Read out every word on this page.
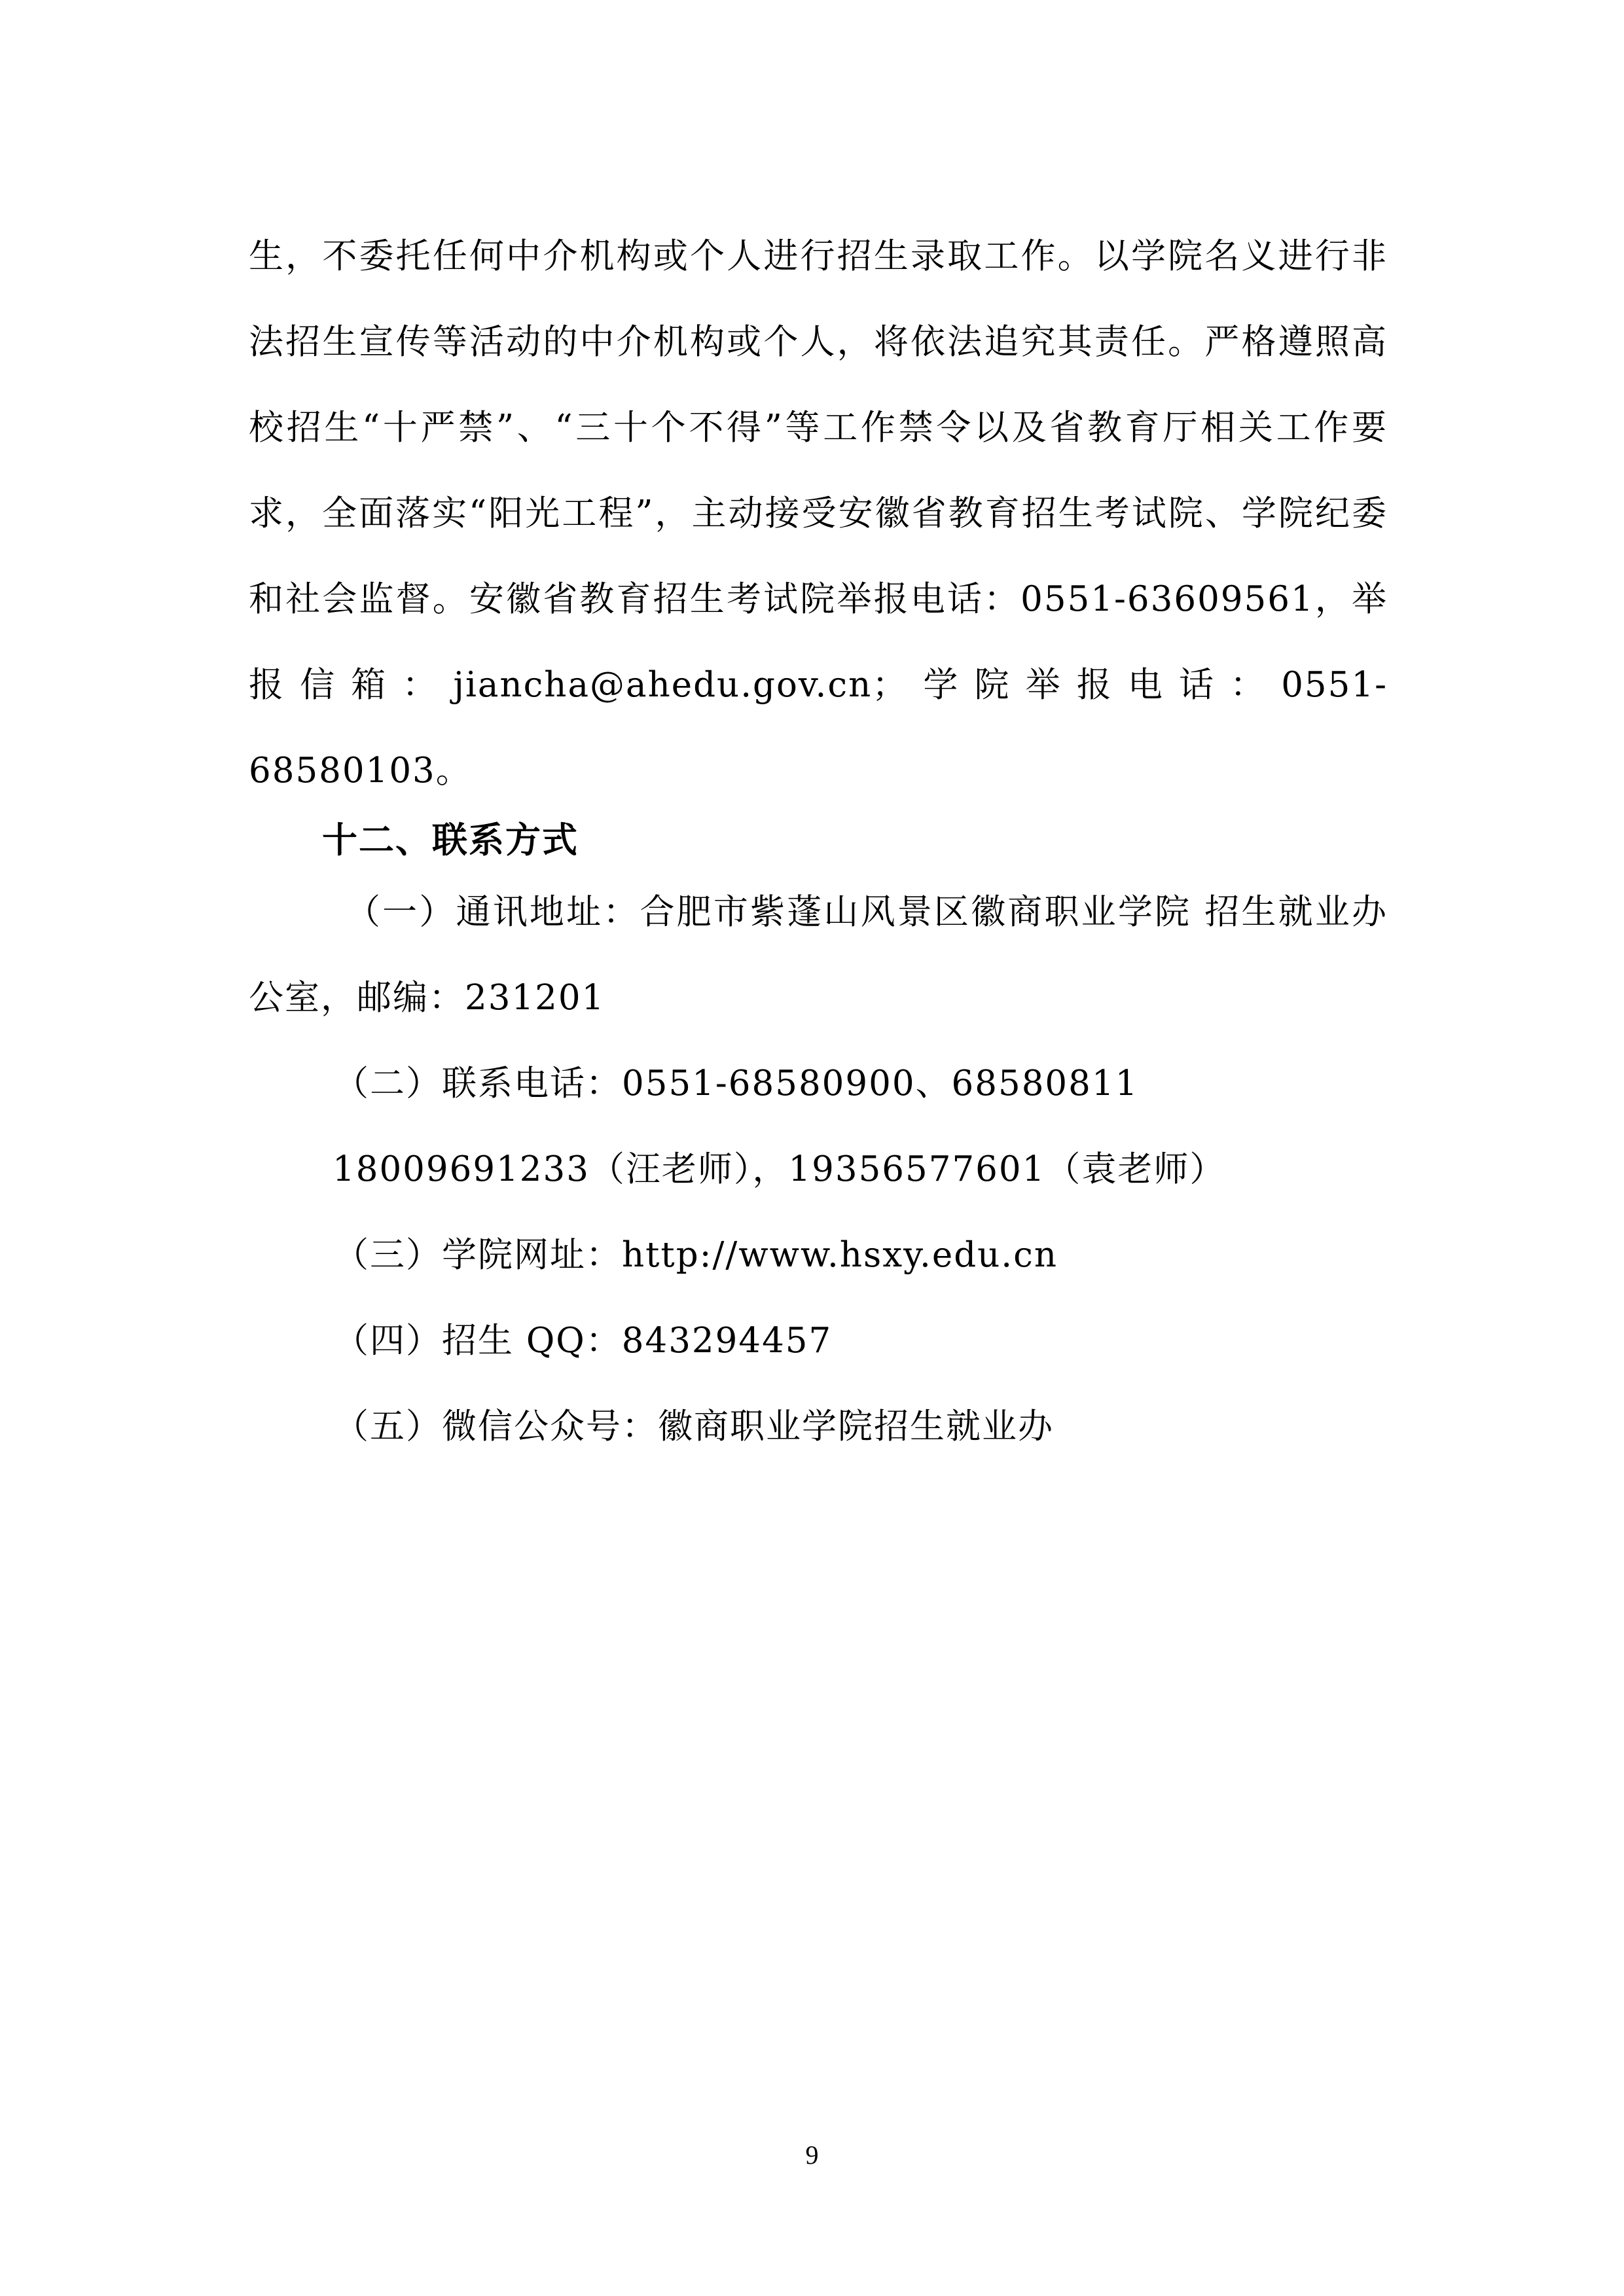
生，不委托任何中介机构或个人进行招生录取工作。以学院名义进行非法招生宣传等活动的中介机构或个人，将依法追究其责任。严格遵照高校招生“十严禁”、“三十个不得”等工作禁令以及省教育厅相关工作要求，全面落实“阳光工程”，主动接受安徽省教育招生考试院、学院纪委和社会监督。安徽省教育招生考试院举报电话：0551-63609561，举报信箱：jiancha@ahedu.gov.cn；学院举报电话：0551-68580103。

十二、联系方式

（一）通讯地址：合肥市紫蓬山风景区徽商职业学院 招生就业办公室，邮编：231201
（二）联系电话：0551-68580900、68580811
18009691233（汪老师），19356577601（袁老师）
（三）学院网址：http://www.hsxy.edu.cn
（四）招生 QQ：843294457
（五）微信公众号：徽商职业学院招生就业办
9
